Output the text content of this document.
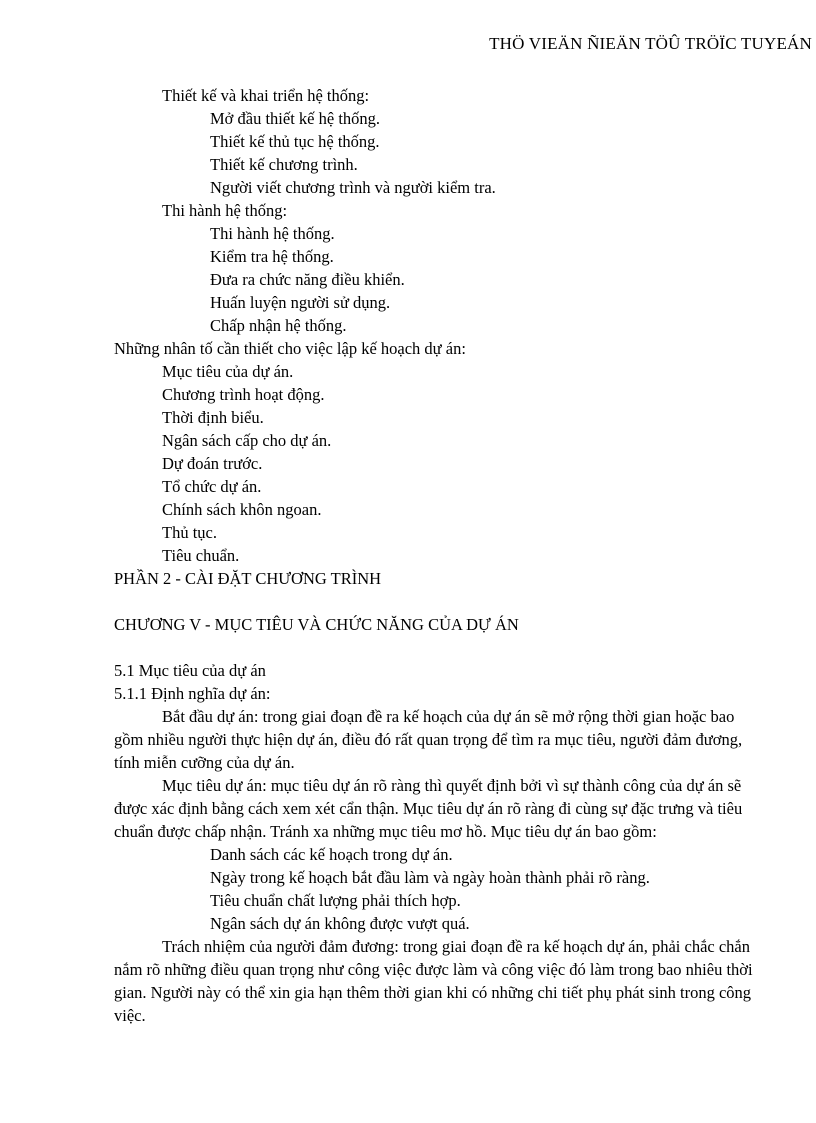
THÖ VIEÄN ÑIEÄN TÖÛ TRÖÏC TUYEÁN
Thiết kế và khai triển hệ thống:
Mở đầu thiết kế hệ thống.
Thiết kế thủ tục hệ thống.
Thiết kế chương trình.
Người viết chương trình và người kiểm tra.
Thi hành hệ thống:
Thi hành hệ thống.
Kiểm tra hệ thống.
Đưa ra chức năng điều khiển.
Huấn luyện người sử dụng.
Chấp nhận hệ thống.
Những nhân tố cần thiết cho việc lập kế hoạch dự án:
Mục tiêu của dự án.
Chương trình hoạt động.
Thời định biểu.
Ngân sách cấp cho dự án.
Dự đoán trước.
Tổ chức dự án.
Chính sách khôn ngoan.
Thủ tục.
Tiêu chuẩn.
PHẦN 2 - CÀI ĐẶT CHƯƠNG TRÌNH
CHƯƠNG V - MỤC TIÊU VÀ CHỨC NĂNG CỦA DỰ ÁN
5.1 Mục tiêu của dự án
5.1.1 Định nghĩa dự án:
Bắt đầu dự án: trong giai đoạn đề ra kế hoạch của dự án sẽ mở rộng thời gian hoặc bao gồm nhiều người thực hiện dự án, điều đó rất quan trọng để tìm ra mục tiêu, người đảm đương, tính miễn cưỡng của dự án.
Mục tiêu dự án: mục tiêu dự án rõ ràng thì quyết định bởi vì sự thành công của dự án sẽ được xác định bằng cách xem xét cẩn thận. Mục tiêu dự án rõ ràng đi cùng sự đặc trưng và tiêu chuẩn được chấp nhận. Tránh xa những mục tiêu mơ hồ. Mục tiêu dự án bao gồm:
Danh sách các kế hoạch trong dự án.
Ngày trong kế hoạch bắt đầu làm và ngày hoàn thành phải rõ ràng.
Tiêu chuẩn chất lượng phải thích hợp.
Ngân sách dự án không được vượt quá.
Trách nhiệm của người đảm đương: trong giai đoạn đề ra kế hoạch dự án, phải chắc chắn nắm rõ những điều quan trọng như công việc được làm và công việc đó làm trong bao nhiêu thời gian. Người này có thể xin gia hạn thêm thời gian khi có những chi tiết phụ phát sinh trong công việc.
